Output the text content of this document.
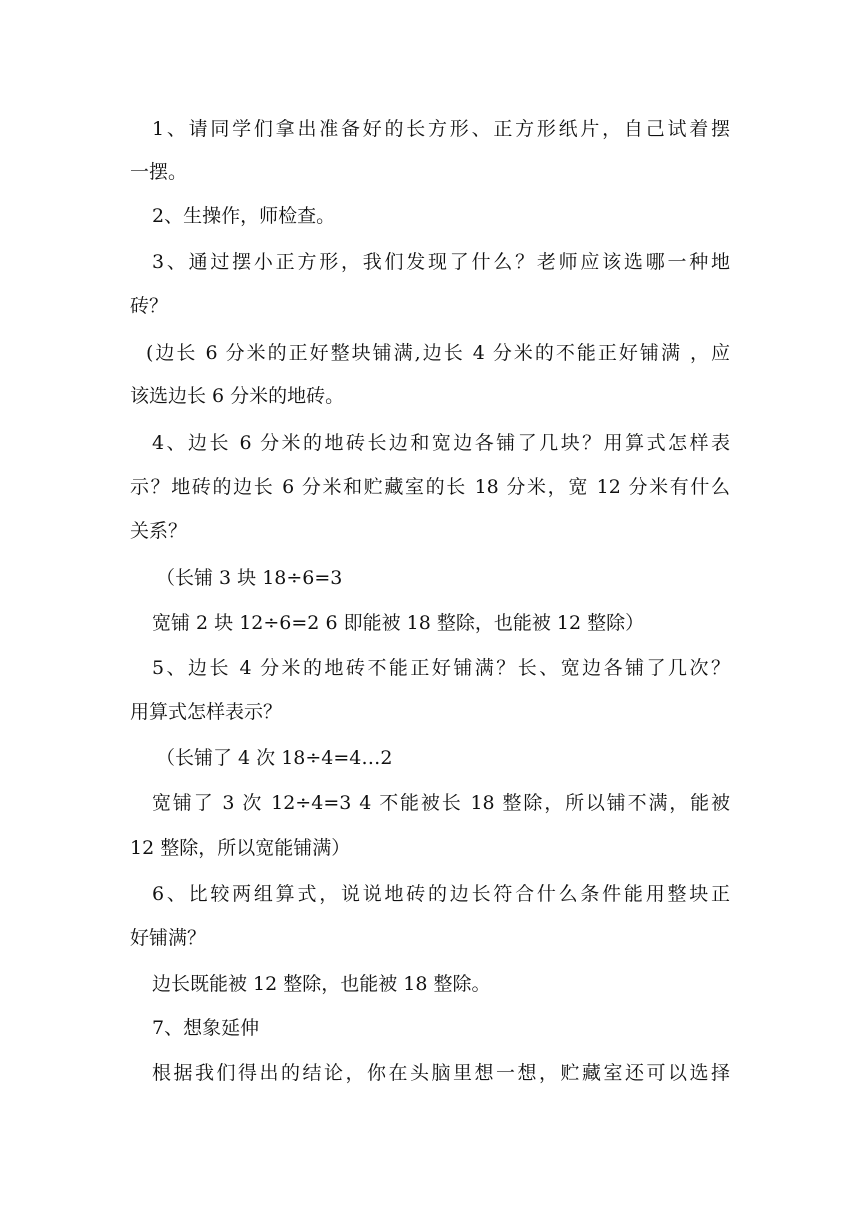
1、请同学们拿出准备好的长方形、正方形纸片，自己试着摆
一摆。
2、生操作，师检查。
3、通过摆小正方形，我们发现了什么？老师应该选哪一种地
砖？
(边长 6 分米的正好整块铺满,边长 4 分米的不能正好铺满 ，应
该选边长 6 分米的地砖。
4、边长 6 分米的地砖长边和宽边各铺了几块？用算式怎样表
示？地砖的边长 6 分米和贮藏室的长 18 分米，宽 12 分米有什么
关系？
（长铺 3 块 18÷6=3
宽铺 2 块 12÷6=2 6 即能被 18 整除，也能被 12 整除）
5、边长 4 分米的地砖不能正好铺满？长、宽边各铺了几次？
用算式怎样表示？
（长铺了 4 次 18÷4=4…2
宽铺了 3 次 12÷4=3 4 不能被长 18 整除，所以铺不满，能被
12 整除，所以宽能铺满）
6、比较两组算式，说说地砖的边长符合什么条件能用整块正
好铺满？
边长既能被 12 整除，也能被 18 整除。
7、想象延伸
根据我们得出的结论，你在头脑里想一想，贮藏室还可以选择
